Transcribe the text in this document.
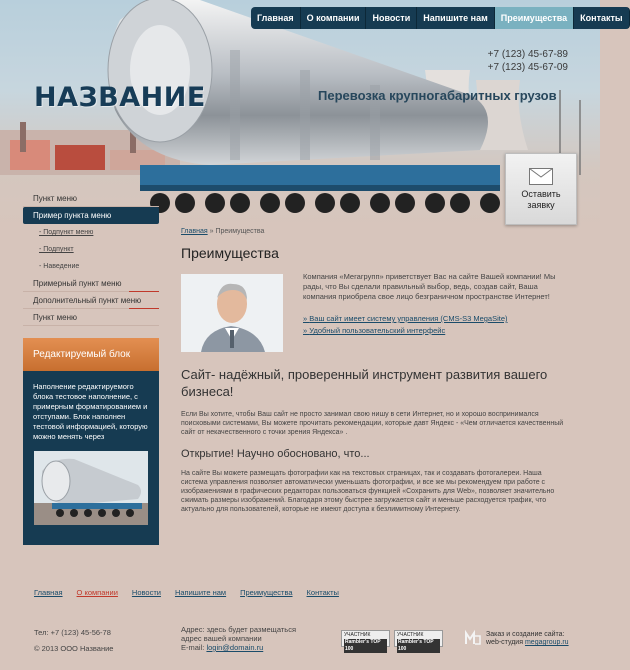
НАЗВАНИЕ	Перевозка крупногабаритных грузов
+7 (123) 45-67-89
+7 (123) 45-67-09
Главная	О компании	Новости	Напишите нам	Преимущества	Контакты
Оставить
заявку
Пункт меню
Пример пункта меню
- Подпункт меню
- Подпункт
- Наведение
Примерный пункт меню
Дополнительный пункт меню
Пункт меню
Редактируемый блок
Наполнение редактируемого блока тестовое наполнение, с примерным форматированием и отступами. Блок наполнен тестовой информацией, которую можно менять через
Главная » Преимущества
Преимущества
Компания «Мегагрупп» приветствует Вас на сайте Вашей компании! Мы рады, что Вы сделали правильный выбор, ведь, создав сайт, Ваша компания приобрела свое лицо безграничном пространстве Интернет!
» Ваш сайт имеет систему управления (CMS-S3 MegaSite)
» Удобный пользовательский интерфейс
Сайт- надёжный, проверенный инструмент развития вашего бизнеса!
Если Вы хотите, чтобы Ваш сайт не просто занимал свою нишу в сети Интернет, но и хорошо воспринимался поисковыми системами, Вы можете прочитать рекомендации, которые давт Яндекс - «Чем отличается качественный сайт от некачественного с точки зрения Яндекса» .
Открытие! Научно обосновано, что...
На сайте Вы можете размещать фотографии как на текстовых страницах, так и создавать фотогалереи. Наша система управления позволяет автоматически уменьшать фотографии, и все же мы рекомендуем при работе с изображениями в графических редакторах пользоваться функцией «Сохранить для Web», позволяет значительно сжимать размеры изображений. Благодаря этому быстрее загружается сайт и меньше расходуется трафик, что актуально для пользователей, которые не имеют доступа к безлимитному Интернету.
Главная О компании Новости Напишите нам Преимущества Контакты
Тел: +7 (123) 45-56-78
© 2013 ООО Название
Адрес: здесь будет размещаться
адрес вашей компании
E-mail: login@domain.ru
УЧАСТНИК
Rambler's TOP 100
УЧАСТНИК
Rambler's TOP 100
Заказ и создание сайта:
web-студия megagroup.ru
